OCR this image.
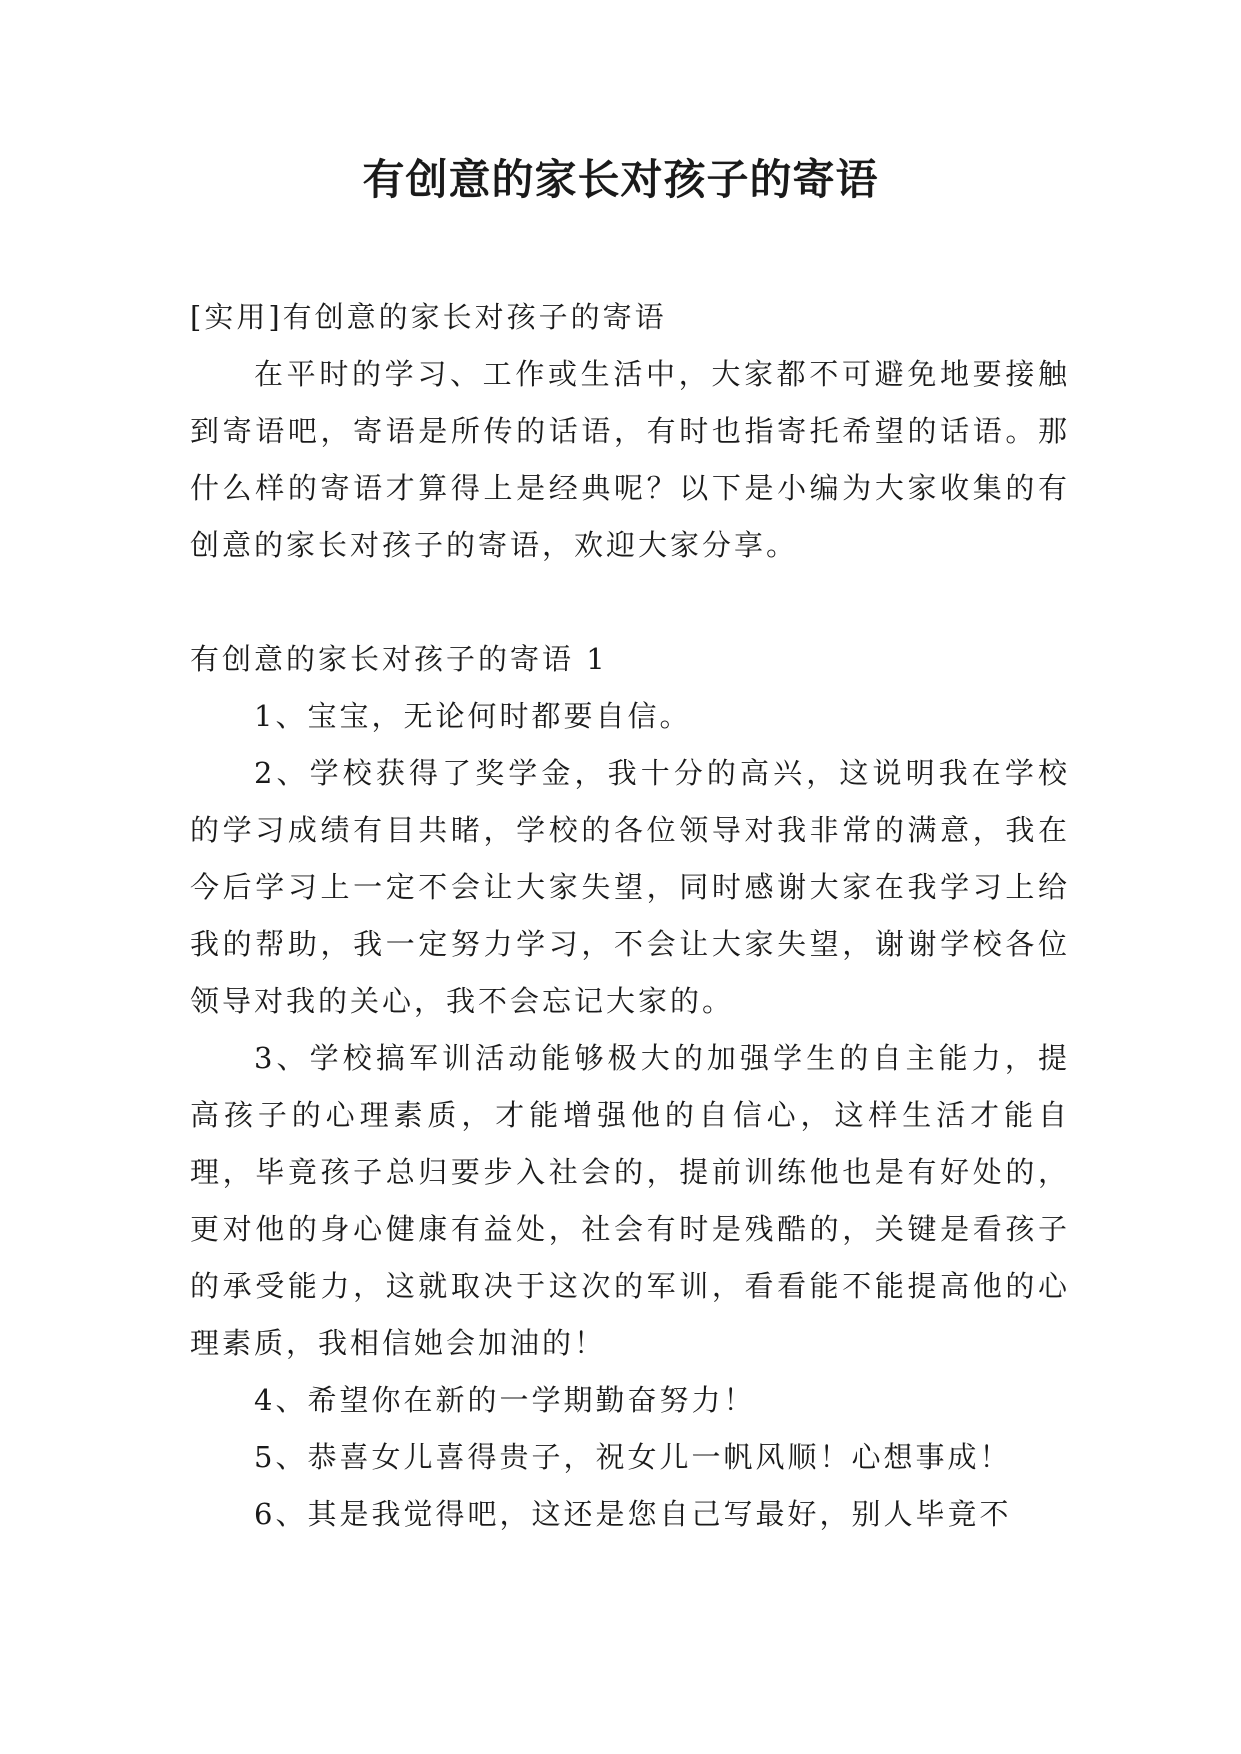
有创意的家长对孩子的寄语

[实用]有创意的家长对孩子的寄语

在平时的学习、工作或生活中，大家都不可避免地要接触到寄语吧，寄语是所传的话语，有时也指寄托希望的话语。那什么样的寄语才算得上是经典呢？以下是小编为大家收集的有创意的家长对孩子的寄语，欢迎大家分享。

有创意的家长对孩子的寄语 1

1、宝宝，无论何时都要自信。

2、学校获得了奖学金，我十分的高兴，这说明我在学校的学习成绩有目共睹，学校的各位领导对我非常的满意，我在今后学习上一定不会让大家失望，同时感谢大家在我学习上给我的帮助，我一定努力学习，不会让大家失望，谢谢学校各位领导对我的关心，我不会忘记大家的。

3、学校搞军训活动能够极大的加强学生的自主能力，提高孩子的心理素质，才能增强他的自信心，这样生活才能自理，毕竟孩子总归要步入社会的，提前训练他也是有好处的，更对他的身心健康有益处，社会有时是残酷的，关键是看孩子的承受能力，这就取决于这次的军训，看看能不能提高他的心理素质，我相信她会加油的！

4、希望你在新的一学期勤奋努力！

5、恭喜女儿喜得贵子，祝女儿一帆风顺！心想事成！

6、其是我觉得吧，这还是您自己写最好，别人毕竟不
